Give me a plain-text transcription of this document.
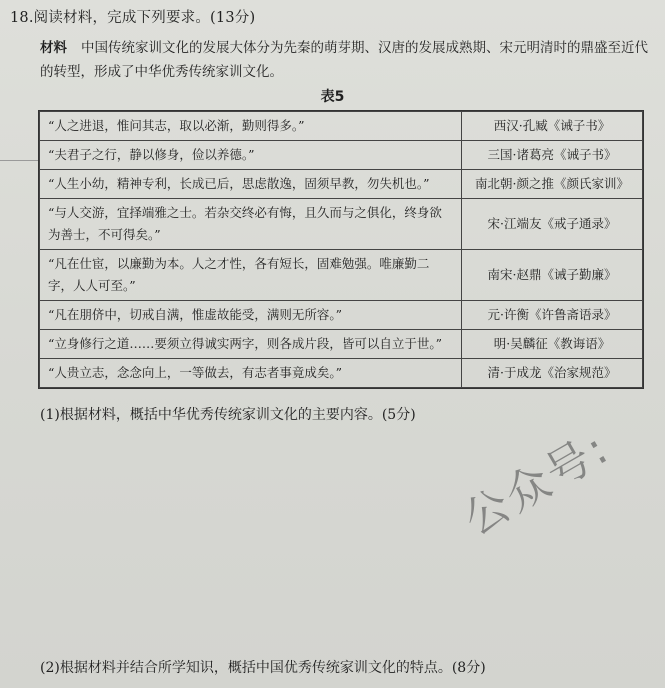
18.阅读材料，完成下列要求。(13分)
材料 中国传统家训文化的发展大体分为先秦的萌芽期、汉唐的发展成熟期、宋元明清时的鼎盛至近代的转型，形成了中华优秀传统家训文化。
表5
“人之进退，惟问其志，取以必渐，勤则得多。”	西汉·孔臧《诫子书》
“夫君子之行，静以修身，俭以养德。”	三国·诸葛亮《诫子书》
“人生小幼，精神专利，长成已后，思虑散逸，固须早教，勿失机也。”	南北朝·颜之推《颜氏家训》
“与人交游，宜择端雅之士。若杂交终必有悔，且久而与之俱化，终身欲为善士，不可得矣。”	宋·江端友《戒子通录》
“凡在仕宦，以廉勤为本。人之才性，各有短长，固难勉强。唯廉勤二字，人人可至。”	南宋·赵鼎《诫子勤廉》
“凡在朋侪中，切戒自满，惟虚故能受，满则无所容。”	元·许衡《许鲁斋语录》
“立身修行之道……要须立得诚实两字，则各成片段，皆可以自立于世。”	明·吴麟征《教诲语》
“人贵立志，念念向上，一等做去，有志者事竟成矣。”	清·于成龙《治家规范》
(1)根据材料，概括中华优秀传统家训文化的主要内容。(5分)
公众号:
(2)根据材料并结合所学知识，概括中国优秀传统家训文化的特点。(8分)
